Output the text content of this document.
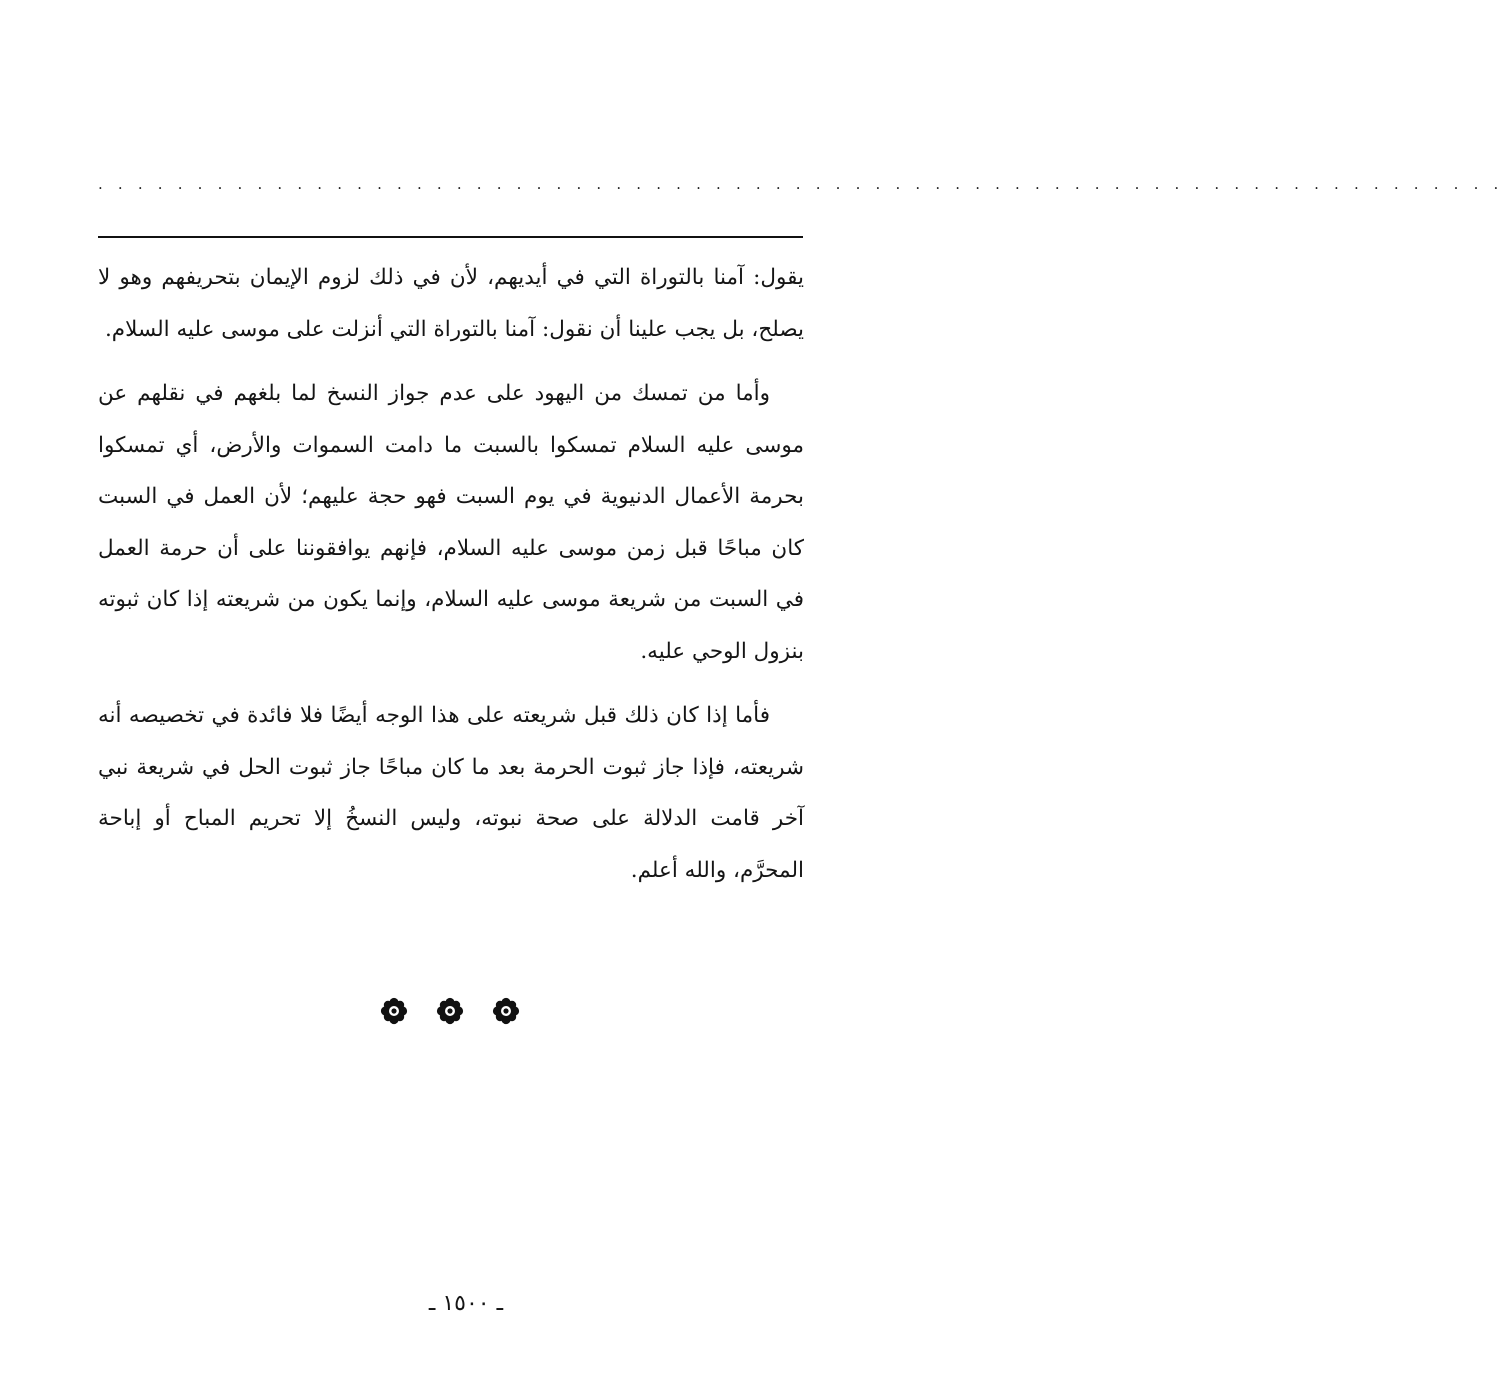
. . . . . . . . . . . . . . . . . . . . . . . . . . . . . . . . . . . . . . . . . . . . . . . . . . . . . . . . . . . . . . . . . . . . . . .

يقول: آمنا بالتوراة التي في أيديهم، لأن في ذلك لزوم الإيمان بتحريفهم وهو لا يصلح، بل يجب علينا أن نقول: آمنا بالتوراة التي أنزلت على موسى عليه السلام.

وأما من تمسك من اليهود على عدم جواز النسخ لما بلغهم في نقلهم عن موسى عليه السلام تمسكوا بالسبت ما دامت السموات والأرض، أي تمسكوا بحرمة الأعمال الدنيوية في يوم السبت فهو حجة عليهم؛ لأن العمل في السبت كان مباحًا قبل زمن موسى عليه السلام، فإنهم يوافقوننا على أن حرمة العمل في السبت من شريعة موسى عليه السلام، وإنما يكون من شريعته إذا كان ثبوته بنزول الوحي عليه.

فأما إذا كان ذلك قبل شريعته على هذا الوجه أيضًا فلا فائدة في تخصيصه أنه شريعته، فإذا جاز ثبوت الحرمة بعد ما كان مباحًا جاز ثبوت الحل في شريعة نبي آخر قامت الدلالة على صحة نبوته، وليس النسخُ إلا تحريم المباح أو إباحة المحرَّم، والله أعلم.

ـ ١٥٠٠ ـ
